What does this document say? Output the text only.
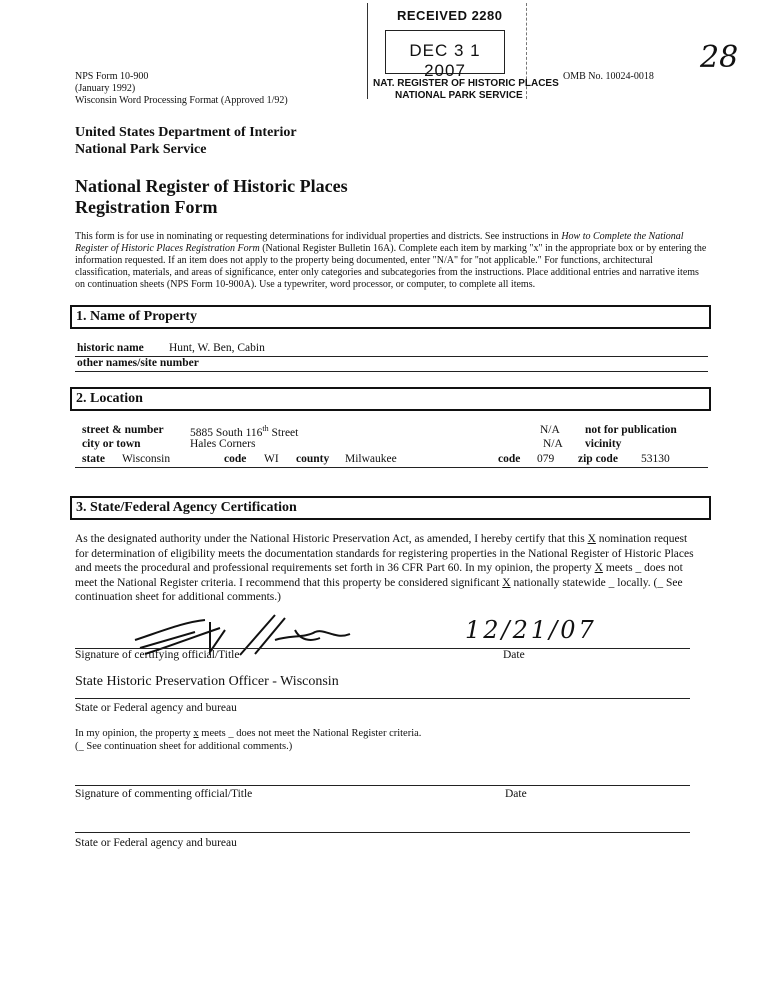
NPS Form 10-900
(January 1992)
Wisconsin Word Processing Format (Approved 1/92)
RECEIVED 2280
DEC 3 1 2007
NAT. REGISTER OF HISTORIC PLACES
NATIONAL PARK SERVICE
OMB No. 10024-0018
28
United States Department of Interior
National Park Service
National Register of Historic Places
Registration Form
This form is for use in nominating or requesting determinations for individual properties and districts. See instructions in How to Complete the National Register of Historic Places Registration Form (National Register Bulletin 16A). Complete each item by marking "x" in the appropriate box or by entering the information requested. If an item does not apply to the property being documented, enter "N/A" for "not applicable." For functions, architectural classification, materials, and areas of significance, enter only categories and subcategories from the instructions. Place additional entries and narrative items on continuation sheets (NPS Form 10-900A). Use a typewriter, word processor, or computer, to complete all items.
1. Name of Property
historic name Hunt, W. Ben, Cabin
other names/site number
2. Location
street & number 5885 South 116th Street	N/A not for publication
city or town	Hales Corners	N/A vicinity
state Wisconsin	code WI county Milwaukee	code 079 zip code 53130
3. State/Federal Agency Certification
As the designated authority under the National Historic Preservation Act, as amended, I hereby certify that this X nomination request for determination of eligibility meets the documentation standards for registering properties in the National Register of Historic Places and meets the procedural and professional requirements set forth in 36 CFR Part 60. In my opinion, the property X meets _ does not meet the National Register criteria. I recommend that this property be considered significant X nationally statewide _ locally. (_ See continuation sheet for additional comments.)
12/21/07
Signature of certifying official/Title	Date
State Historic Preservation Officer - Wisconsin
State or Federal agency and bureau
In my opinion, the property x meets _ does not meet the National Register criteria.
(_ See continuation sheet for additional comments.)
Signature of commenting official/Title	Date
State or Federal agency and bureau
